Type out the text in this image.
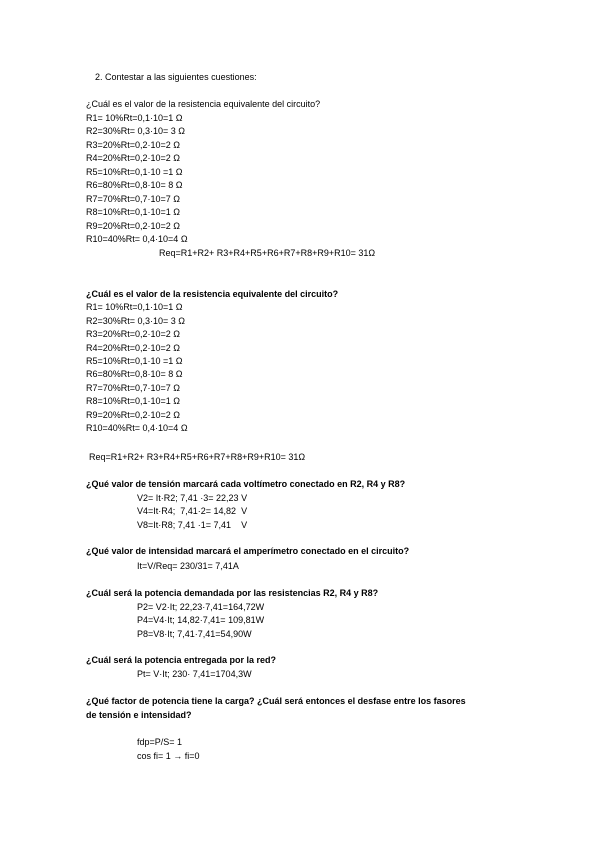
2. Contestar a las siguientes cuestiones:
¿Cuál es el valor de la resistencia equivalente del circuito?
R1= 10%Rt=0,1·10=1 Ω
R2=30%Rt= 0,3·10= 3 Ω
R3=20%Rt=0,2·10=2 Ω
R4=20%Rt=0,2·10=2 Ω
R5=10%Rt=0,1·10 =1 Ω
R6=80%Rt=0,8·10= 8 Ω
R7=70%Rt=0,7·10=7 Ω
R8=10%Rt=0,1·10=1 Ω
R9=20%Rt=0,2·10=2 Ω
R10=40%Rt= 0,4·10=4 Ω
Req=R1+R2+ R3+R4+R5+R6+R7+R8+R9+R10= 31Ω
¿Cuál es el valor de la resistencia equivalente del circuito?
R1= 10%Rt=0,1·10=1 Ω
R2=30%Rt= 0,3·10= 3 Ω
R3=20%Rt=0,2·10=2 Ω
R4=20%Rt=0,2·10=2 Ω
R5=10%Rt=0,1·10 =1 Ω
R6=80%Rt=0,8·10= 8 Ω
R7=70%Rt=0,7·10=7 Ω
R8=10%Rt=0,1·10=1 Ω
R9=20%Rt=0,2·10=2 Ω
R10=40%Rt= 0,4·10=4 Ω
Req=R1+R2+ R3+R4+R5+R6+R7+R8+R9+R10= 31Ω
¿Qué valor de tensión marcará cada voltímetro conectado en R2, R4 y R8?
V2= It·R2; 7,41 ·3= 22,23 V
V4=It·R4;  7,41·2= 14,82  V
V8=It·R8; 7,41 ·1= 7,41    V
¿Qué valor de intensidad marcará el amperímetro conectado en el circuito?
It=V/Req= 230/31= 7,41A
¿Cuál será la potencia demandada por las resistencias R2, R4 y R8?
P2= V2·It; 22,23·7,41=164,72W
P4=V4·It; 14,82·7,41= 109,81W
P8=V8·It; 7,41·7,41=54,90W
¿Cuál será la potencia entregada por la red?
Pt= V·It; 230· 7,41=1704,3W
¿Qué factor de potencia tiene la carga? ¿Cuál será entonces el desfase entre los fasores
de tensión e intensidad?
fdp=P/S= 1
cos fi= 1 → fi=0
